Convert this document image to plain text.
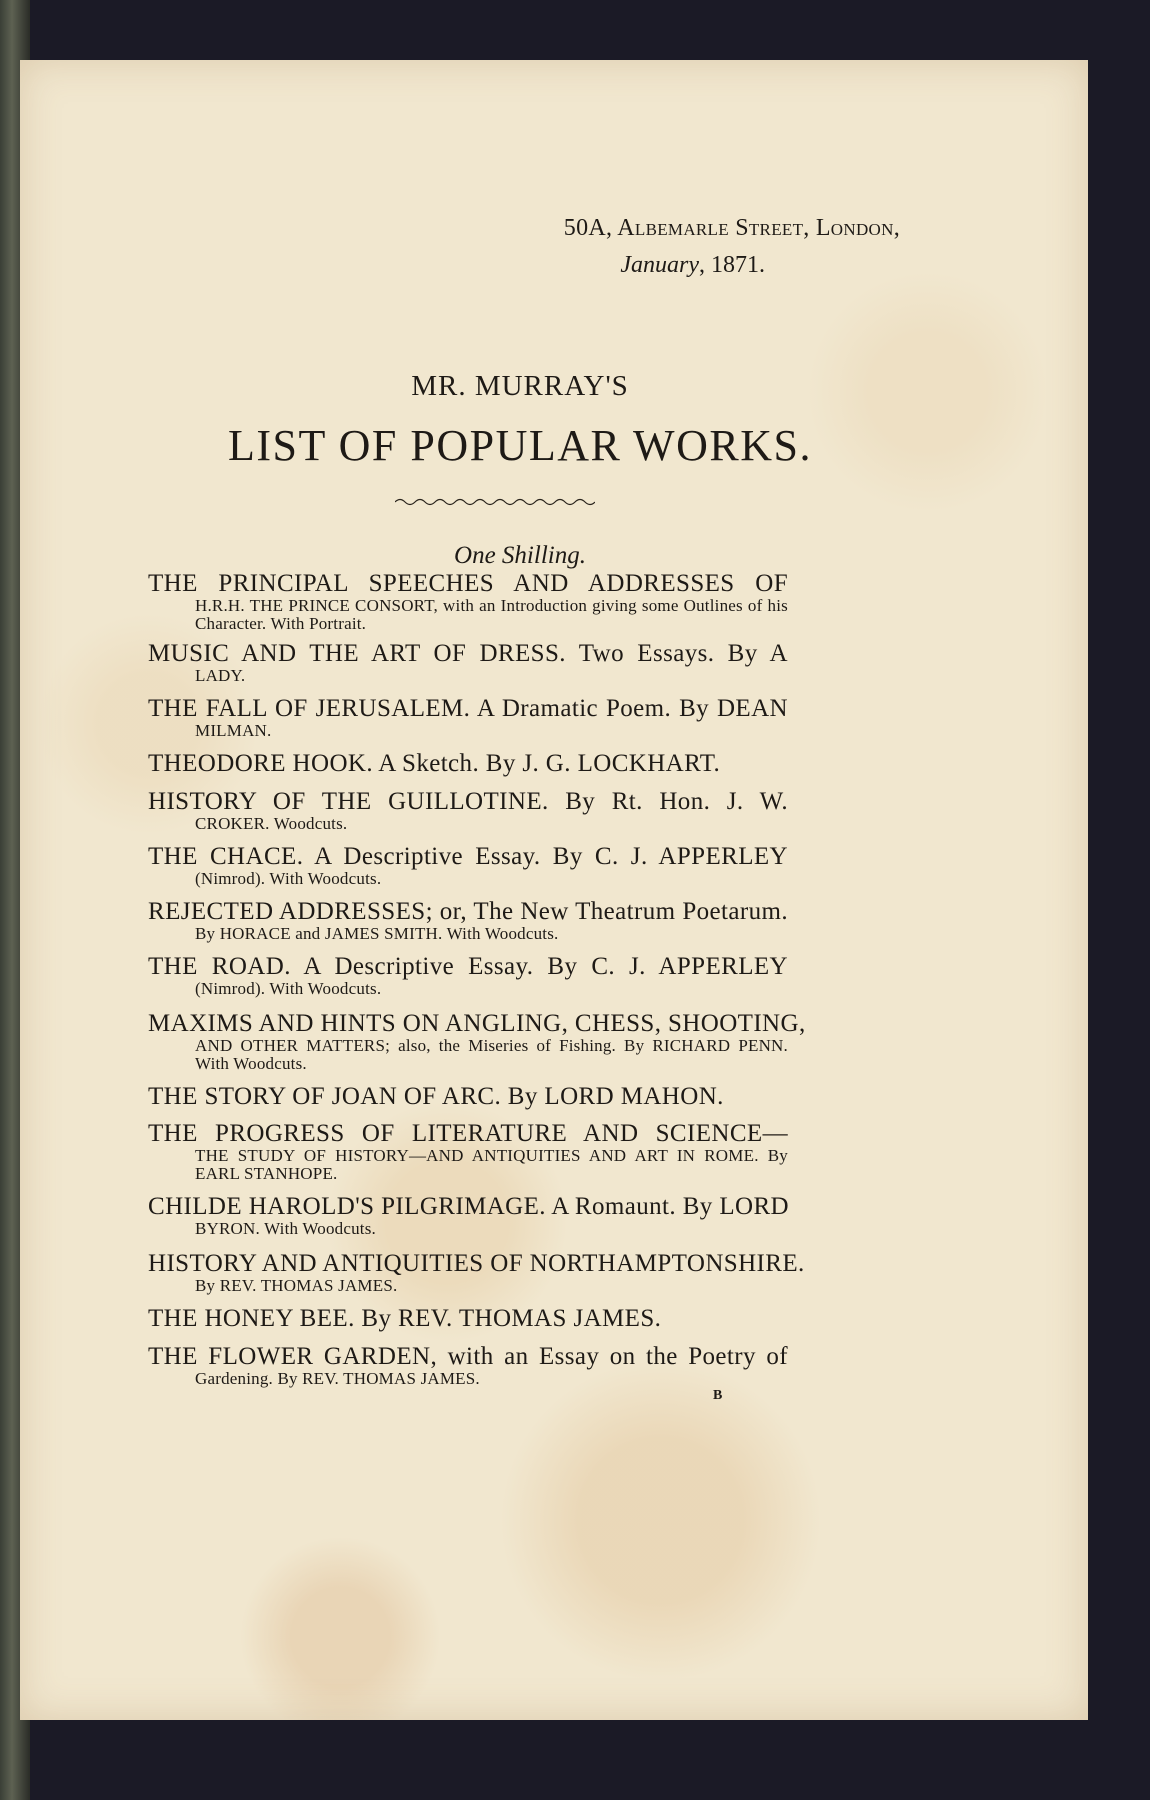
50A, Albemarle Street, London,
January, 1871.
MR. MURRAY'S
LIST OF POPULAR WORKS.
One Shilling.
THE PRINCIPAL SPEECHES AND ADDRESSES OF
H.R.H. THE PRINCE CONSORT, with an Introduction giving some Outlines of his Character. With Portrait.
MUSIC AND THE ART OF DRESS. Two Essays. By A
LADY.
THE FALL OF JERUSALEM. A Dramatic Poem. By DEAN
MILMAN.
THEODORE HOOK. A Sketch. By J. G. LOCKHART.
HISTORY OF THE GUILLOTINE. By Rt. Hon. J. W.
CROKER. Woodcuts.
THE CHACE. A Descriptive Essay. By C. J. APPERLEY
(Nimrod). With Woodcuts.
REJECTED ADDRESSES; or, The New Theatrum Poetarum.
By HORACE and JAMES SMITH. With Woodcuts.
THE ROAD. A Descriptive Essay. By C. J. APPERLEY
(Nimrod). With Woodcuts.
MAXIMS AND HINTS ON ANGLING, CHESS, SHOOTING,
AND OTHER MATTERS; also, the Miseries of Fishing. By RICHARD PENN. With Woodcuts.
THE STORY OF JOAN OF ARC. By LORD MAHON.
THE PROGRESS OF LITERATURE AND SCIENCE—
THE STUDY OF HISTORY—AND ANTIQUITIES AND ART IN ROME. By EARL STANHOPE.
CHILDE HAROLD'S PILGRIMAGE. A Romaunt. By LORD
BYRON. With Woodcuts.
HISTORY AND ANTIQUITIES OF NORTHAMPTONSHIRE.
By REV. THOMAS JAMES.
THE HONEY BEE. By REV. THOMAS JAMES.
THE FLOWER GARDEN, with an Essay on the Poetry of
Gardening. By REV. THOMAS JAMES.
B
